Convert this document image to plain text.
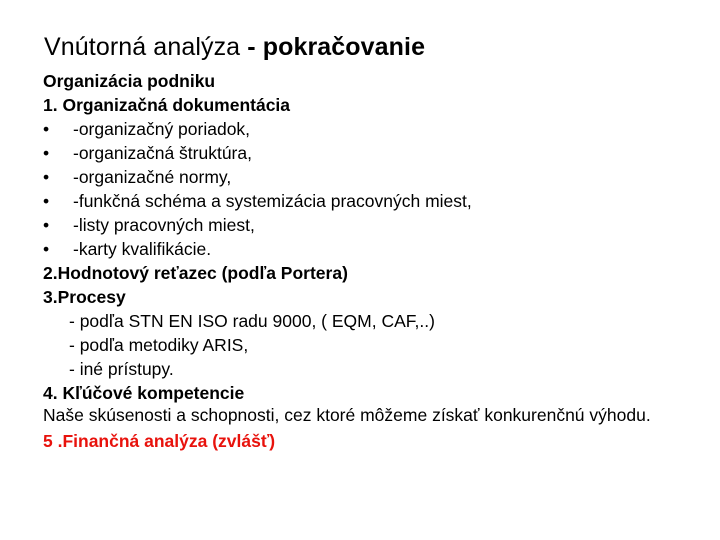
Vnútorná analýza - pokračovanie
Organizácia podniku
1. Organizačná dokumentácia
•	-organizačný poriadok,
•	-organizačná štruktúra,
•	-organizačné normy,
•	-funkčná schéma a systemizácia pracovných miest,
•	-listy pracovných miest,
•	-karty kvalifikácie.
2.Hodnotový reťazec (podľa Portera)
3.Procesy
- podľa STN EN ISO radu 9000, ( EQM, CAF,..)
- podľa metodiky ARIS,
- iné prístupy.
4. Kľúčové kompetencie
Naše skúsenosti a schopnosti, cez ktoré môžeme získať konkurenčnú výhodu.
5 .Finančná analýza (zvlášť)
